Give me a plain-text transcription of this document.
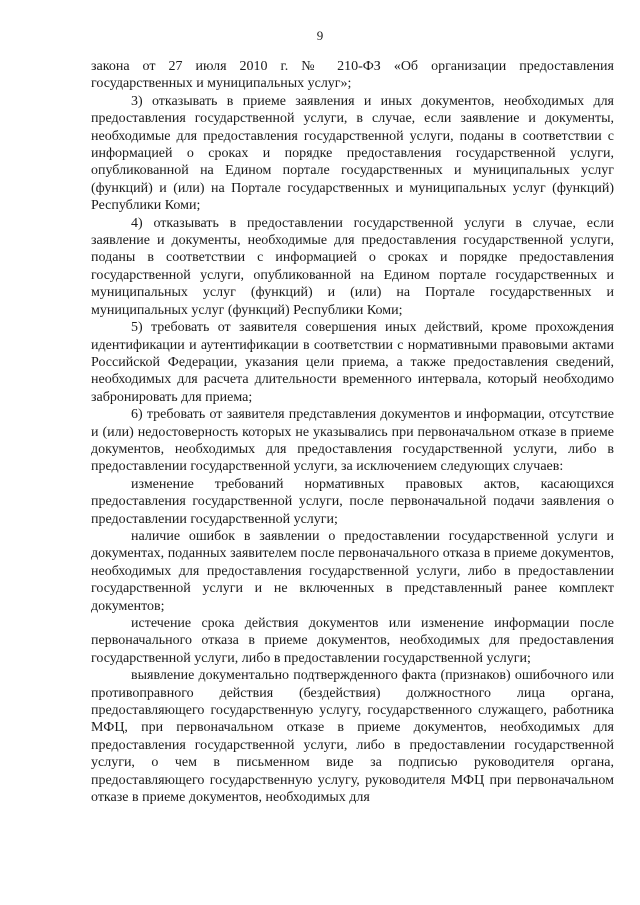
9

закона от 27 июля 2010 г. № 210-ФЗ «Об организации предоставления государственных и муниципальных услуг»;

3) отказывать в приеме заявления и иных документов, необходимых для предоставления государственной услуги, в случае, если заявление и документы, необходимые для предоставления государственной услуги, поданы в соответствии с информацией о сроках и порядке предоставления государственной услуги, опубликованной на Едином портале государственных и муниципальных услуг (функций) и (или) на Портале государственных и муниципальных услуг (функций) Республики Коми;

4) отказывать в предоставлении государственной услуги в случае, если заявление и документы, необходимые для предоставления государственной услуги, поданы в соответствии с информацией о сроках и порядке предоставления государственной услуги, опубликованной на Едином портале государственных и муниципальных услуг (функций) и (или) на Портале государственных и муниципальных услуг (функций) Республики Коми;

5) требовать от заявителя совершения иных действий, кроме прохождения идентификации и аутентификации в соответствии с нормативными правовыми актами Российской Федерации, указания цели приема, а также предоставления сведений, необходимых для расчета длительности временного интервала, который необходимо забронировать для приема;

6) требовать от заявителя представления документов и информации, отсутствие и (или) недостоверность которых не указывались при первоначальном отказе в приеме документов, необходимых для предоставления государственной услуги, либо в предоставлении государственной услуги, за исключением следующих случаев:

изменение требований нормативных правовых актов, касающихся предоставления государственной услуги, после первоначальной подачи заявления о предоставлении государственной услуги;

наличие ошибок в заявлении о предоставлении государственной услуги и документах, поданных заявителем после первоначального отказа в приеме документов, необходимых для предоставления государственной услуги, либо в предоставлении государственной услуги и не включенных в представленный ранее комплект документов;

истечение срока действия документов или изменение информации после первоначального отказа в приеме документов, необходимых для предоставления государственной услуги, либо в предоставлении государственной услуги;

выявление документально подтвержденного факта (признаков) ошибочного или противоправного действия (бездействия) должностного лица органа, предоставляющего государственную услугу, государственного служащего, работника МФЦ, при первоначальном отказе в приеме документов, необходимых для предоставления государственной услуги, либо в предоставлении государственной услуги, о чем в письменном виде за подписью руководителя органа, предоставляющего государственную услугу, руководителя МФЦ при первоначальном отказе в приеме документов, необходимых для
